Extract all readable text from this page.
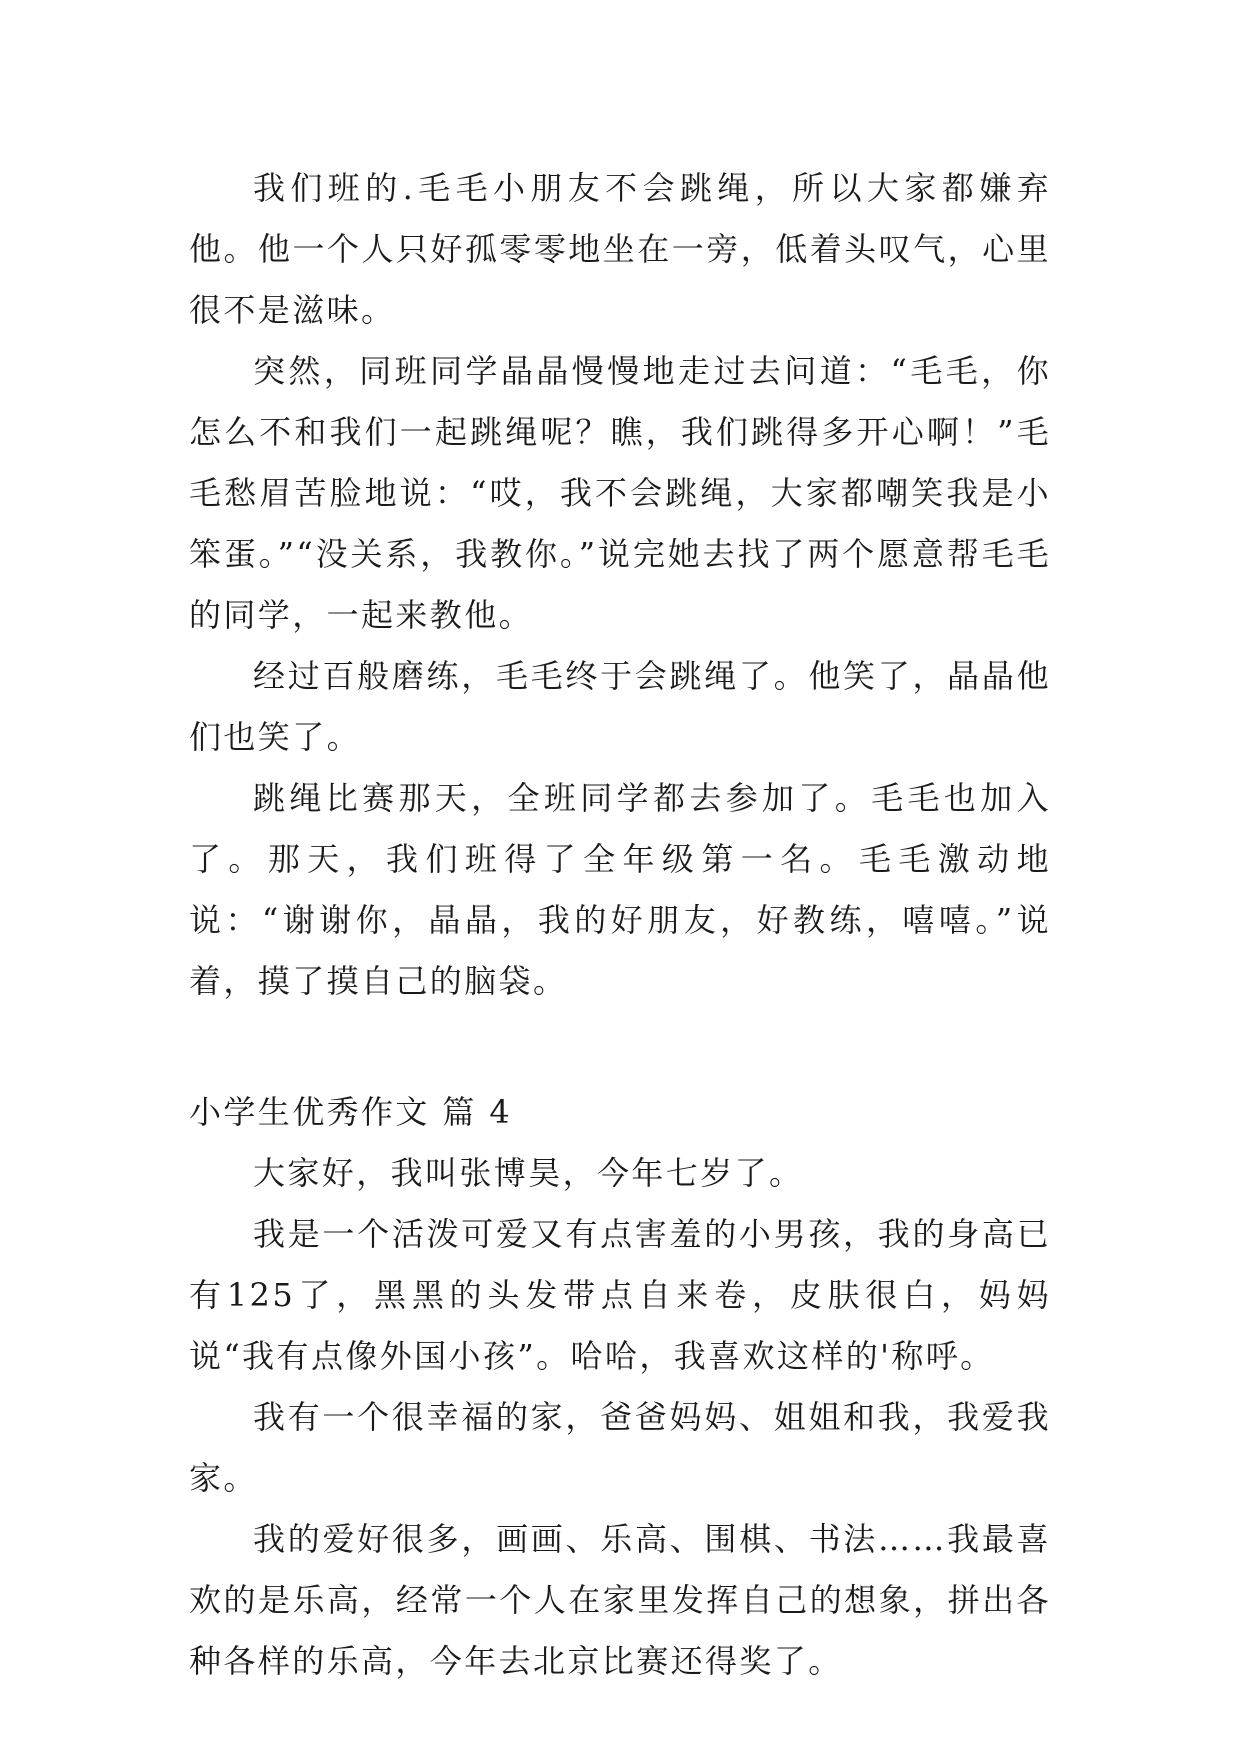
我们班的.毛毛小朋友不会跳绳，所以大家都嫌弃他。他一个人只好孤零零地坐在一旁，低着头叹气，心里很不是滋味。

突然，同班同学晶晶慢慢地走过去问道：“毛毛，你怎么不和我们一起跳绳呢？瞧，我们跳得多开心啊！”毛毛愁眉苦脸地说：“哎，我不会跳绳，大家都嘲笑我是小笨蛋。”“没关系，我教你。”说完她去找了两个愿意帮毛毛的同学，一起来教他。

经过百般磨练，毛毛终于会跳绳了。他笑了，晶晶他们也笑了。

跳绳比赛那天，全班同学都去参加了。毛毛也加入了。那天，我们班得了全年级第一名。毛毛激动地说：“谢谢你，晶晶，我的好朋友，好教练，嘻嘻。”说着，摸了摸自己的脑袋。

小学生优秀作文 篇 4

大家好，我叫张博昊，今年七岁了。

我是一个活泼可爱又有点害羞的小男孩，我的身高已有125了，黑黑的头发带点自来卷，皮肤很白，妈妈说“我有点像外国小孩”。哈哈，我喜欢这样的'称呼。

我有一个很幸福的家，爸爸妈妈、姐姐和我，我爱我家。

我的爱好很多，画画、乐高、围棋、书法……我最喜欢的是乐高，经常一个人在家里发挥自己的想象，拼出各种各样的乐高，今年去北京比赛还得奖了。
